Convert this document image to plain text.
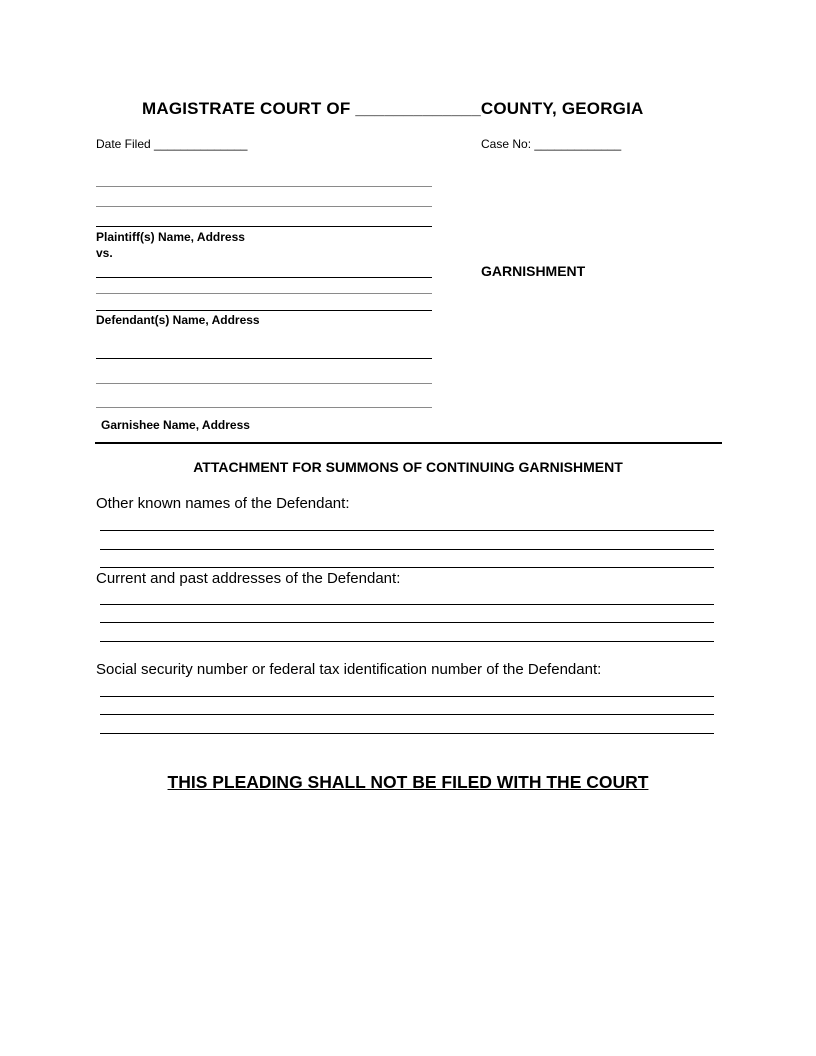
MAGISTRATE COURT OF _____________COUNTY, GEORGIA
Date Filed ______________	Case No: _____________
Plaintiff(s) Name, Address
vs.
Defendant(s) Name, Address
GARNISHMENT
Garnishee Name, Address
ATTACHMENT FOR SUMMONS OF CONTINUING GARNISHMENT
Other known names of the Defendant:
Current and past addresses of the Defendant:
Social security number or federal tax identification number of the Defendant:
THIS PLEADING SHALL NOT BE FILED WITH THE COURT
